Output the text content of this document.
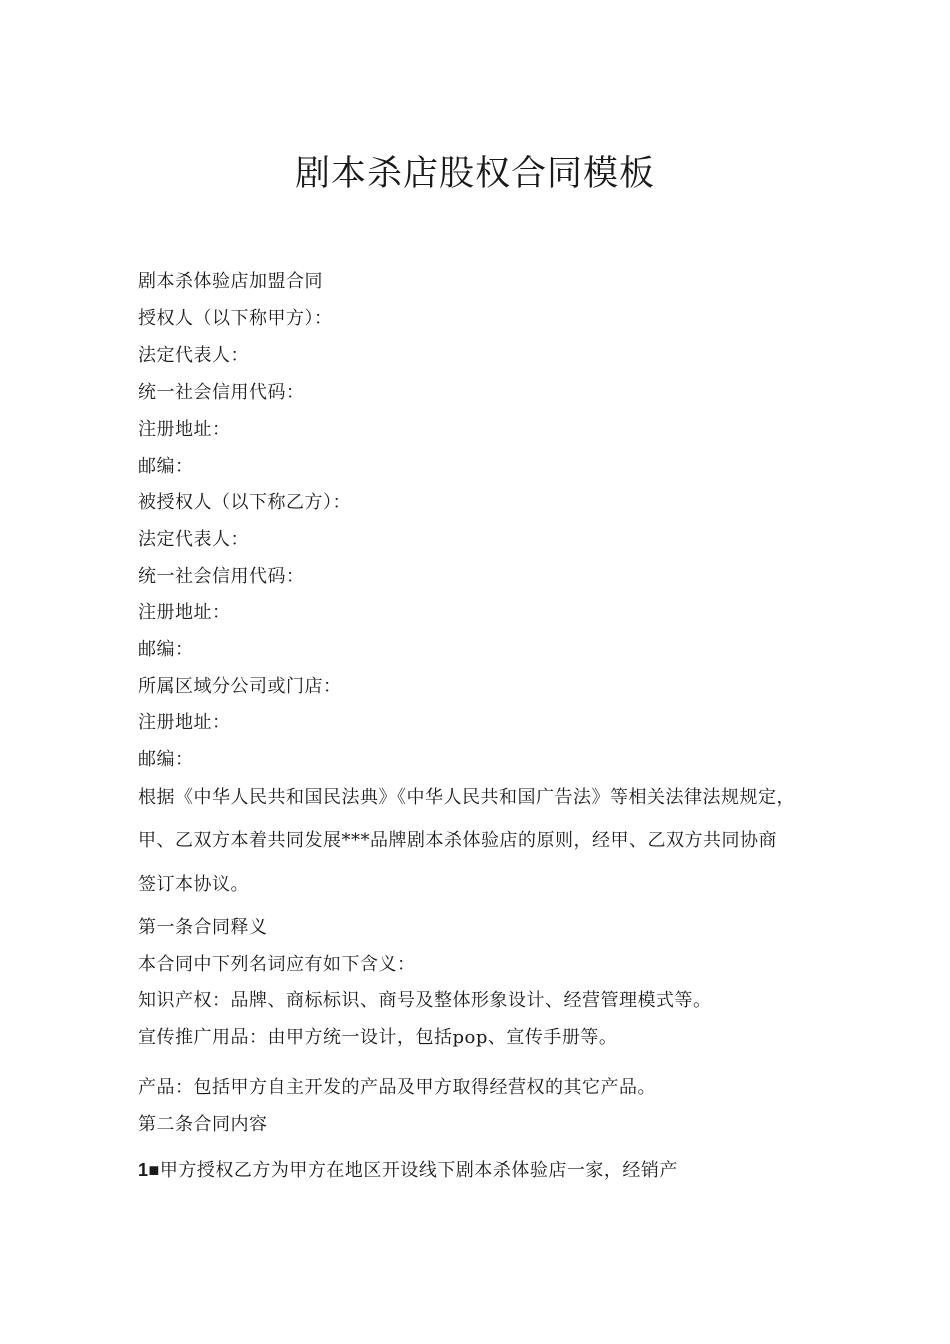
剧本杀店股权合同模板
剧本杀体验店加盟合同
授权人（以下称甲方）：
法定代表人：
统一社会信用代码：
注册地址：
邮编：
被授权人（以下称乙方）：
法定代表人：
统一社会信用代码：
注册地址：
邮编：
所属区域分公司或门店：
注册地址：
邮编：
根据《中华人民共和国民法典》《中华人民共和国广告法》等相关法律法规规定，
甲、乙双方本着共同发展***品牌剧本杀体验店的原则，经甲、乙双方共同协商
签订本协议。
第一条合同释义
本合同中下列名词应有如下含义：
知识产权：品牌、商标标识、商号及整体形象设计、经营管理模式等。
宣传推广用品：由甲方统一设计，包括pop、宣传手册等。
产品：包括甲方自主开发的产品及甲方取得经营权的其它产品。
第二条合同内容
1■甲方授权乙方为甲方在地区开设线下剧本杀体验店一家，经销产
